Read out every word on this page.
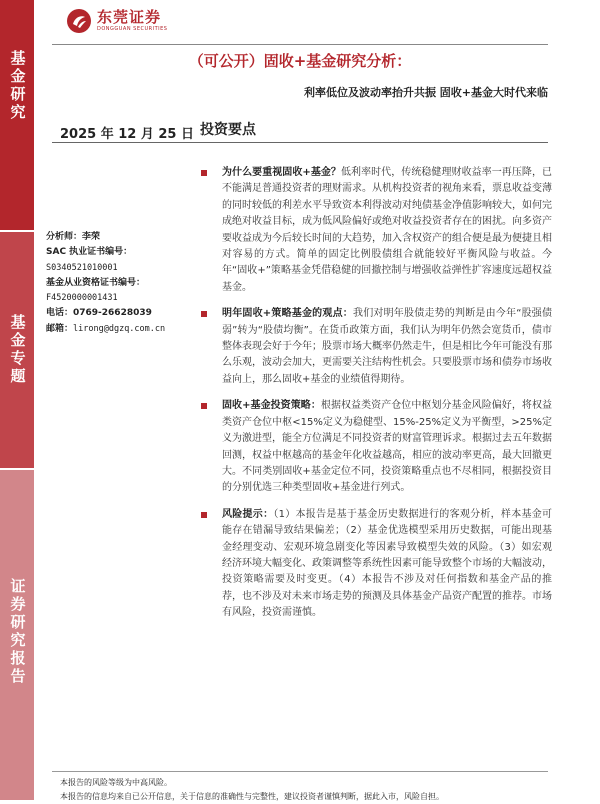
基金研究
基金专题
证券研究报告
东莞证券
DONGGUAN SECURITIES
（可公开）固收+基金研究分析：
利率低位及波动率抬升共振 固收+基金大时代来临
2025 年 12 月 25 日 投资要点
分析师：李荣
SAC 执业证书编号：
S0340521010001
基金从业资格证书编号：
F4520000001431
电话：0769-26628039
邮箱：lirong@dgzq.com.cn
为什么要重视固收+基金？低利率时代，传统稳健理财收益率一再压降，已不能满足普通投资者的理财需求。从机构投资者的视角来看，票息收益变薄的同时较低的利差水平导致资本利得波动对纯债基金净值影响较大，如何完成绝对收益目标，成为低风险偏好或绝对收益投资者存在的困扰。向多资产要收益成为今后较长时间的大趋势，加入含权资产的组合便是最为便捷且相对容易的方式。简单的固定比例股债组合就能较好平衡风险与收益。今年“固收+”策略基金凭借稳健的回撤控制与增强收益弹性扩容速度远超权益基金。
明年固收+策略基金的观点：我们对明年股债走势的判断是由今年“股强债弱”转为“股债均衡”。在货币政策方面，我们认为明年仍然会宽货币，债市整体表现会好于今年；股票市场大概率仍然走牛，但是相比今年可能没有那么乐观，波动会加大，更需要关注结构性机会。只要股票市场和债券市场收益向上，那么固收+基金的业绩值得期待。
固收+基金投资策略：根据权益类资产仓位中枢划分基金风险偏好，将权益类资产仓位中枢<15%定义为稳健型、15%-25%定义为平衡型，>25%定义为激进型，能全方位满足不同投资者的财富管理诉求。根据过去五年数据回测，权益中枢越高的基金年化收益越高，相应的波动率更高，最大回撤更大。不同类别固收+基金定位不同，投资策略重点也不尽相同，根据投资目的分别优选三种类型固收+基金进行列式。
风险提示：（1）本报告是基于基金历史数据进行的客观分析，样本基金可能存在错漏导致结果偏差；（2）基金优选模型采用历史数据，可能出现基金经理变动、宏观环境急剧变化等因素导致模型失效的风险。（3）如宏观经济环境大幅变化、政策调整等系统性因素可能导致整个市场的大幅波动，投资策略需要及时变更。（4）本报告不涉及对任何指数和基金产品的推荐，也不涉及对未来市场走势的预测及具体基金产品资产配置的推荐。市场有风险，投资需谨慎。
本报告的风险等级为中高风险。
本报告的信息均来自已公开信息，关于信息的准确性与完整性，建议投资者谨慎判断，据此入市，风险自担。
